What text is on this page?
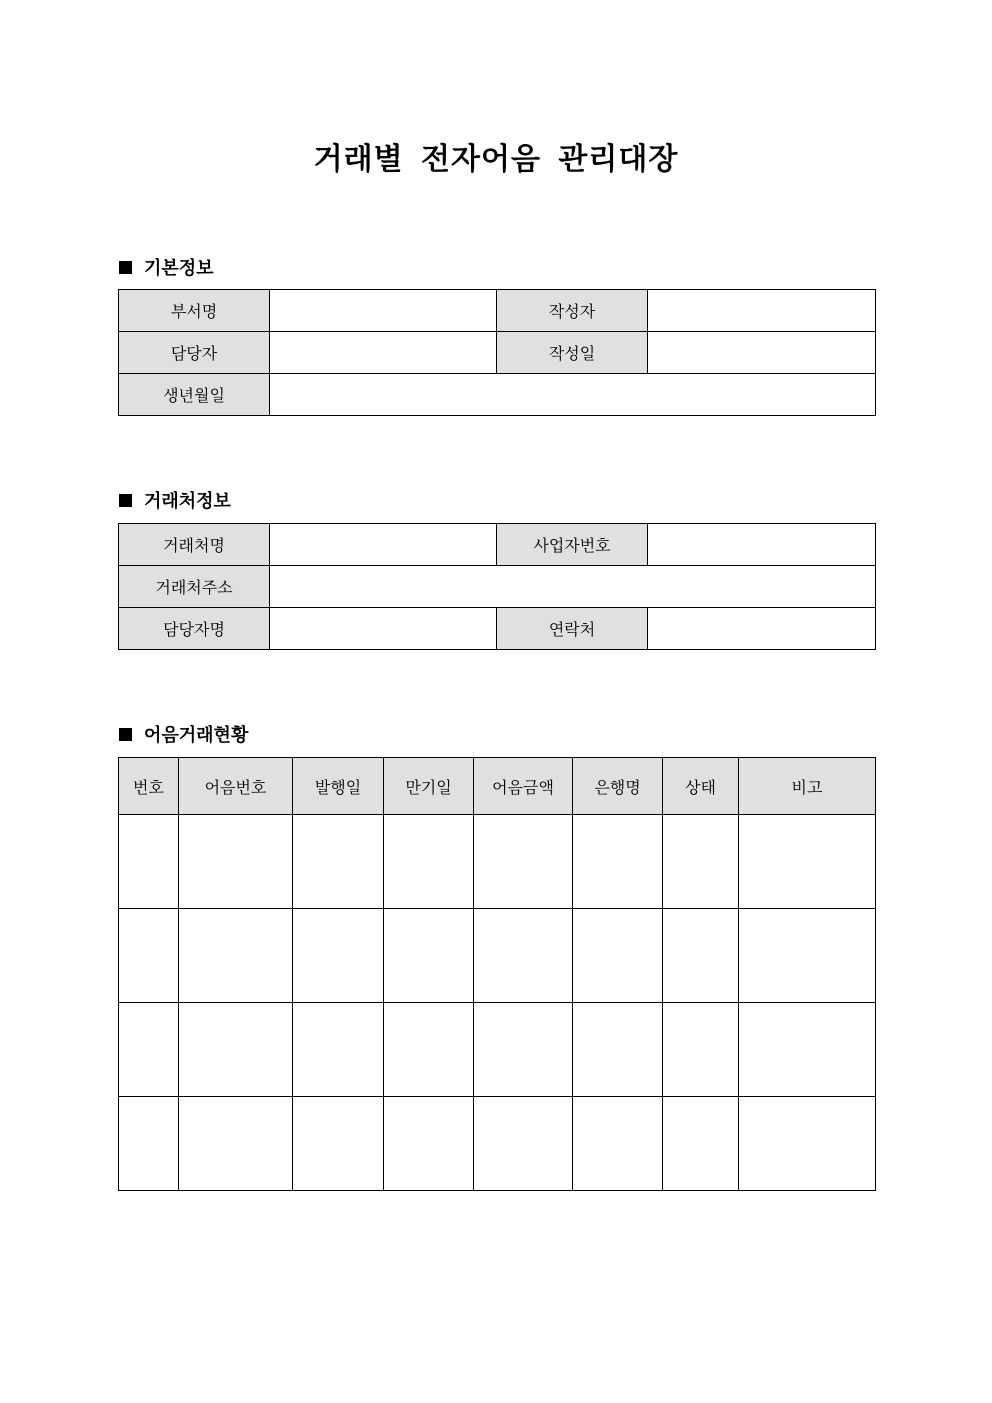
거래별 전자어음 관리대장
기본정보
부서명		작성자	
담당자		작성일	
생년월일			
거래처정보
거래처명		사업자번호	
거래처주소			
담당자명		연락처	
어음거래현황
번호	어음번호	발행일	만기일	어음금액	은행명	상태	비고
